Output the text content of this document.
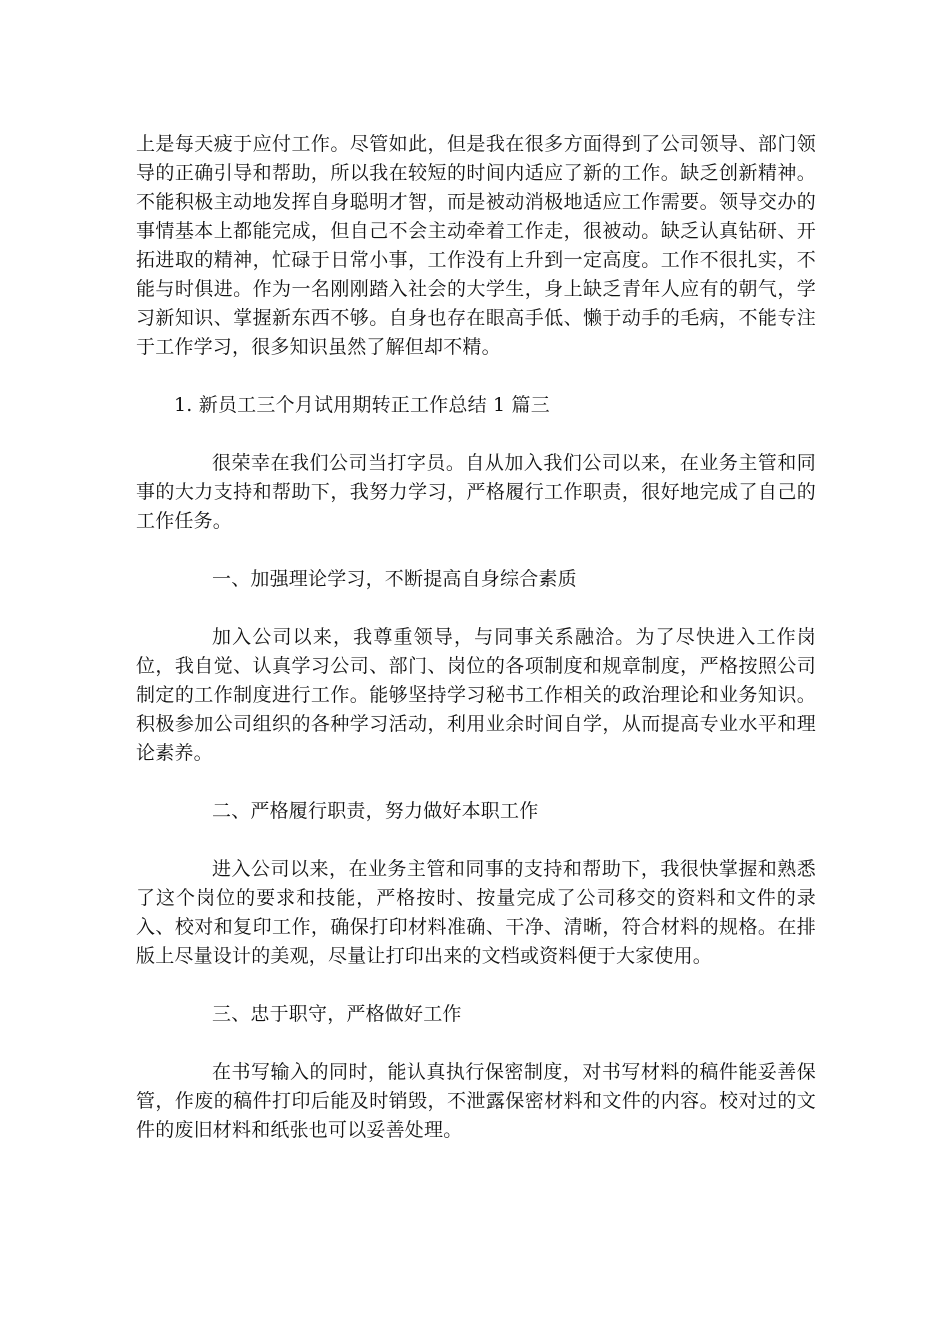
上是每天疲于应付工作。尽管如此，但是我在很多方面得到了公司领导、部门领导的正确引导和帮助，所以我在较短的时间内适应了新的工作。缺乏创新精神。不能积极主动地发挥自身聪明才智，而是被动消极地适应工作需要。领导交办的事情基本上都能完成，但自己不会主动牵着工作走，很被动。缺乏认真钻研、开拓进取的精神，忙碌于日常小事，工作没有上升到一定高度。工作不很扎实，不能与时俱进。作为一名刚刚踏入社会的大学生，身上缺乏青年人应有的朝气，学习新知识、掌握新东西不够。自身也存在眼高手低、懒于动手的毛病，不能专注于工作学习，很多知识虽然了解但却不精。

1. 新员工三个月试用期转正工作总结 1 篇三

很荣幸在我们公司当打字员。自从加入我们公司以来，在业务主管和同事的大力支持和帮助下，我努力学习，严格履行工作职责，很好地完成了自己的工作任务。

一、加强理论学习，不断提高自身综合素质

加入公司以来，我尊重领导，与同事关系融洽。为了尽快进入工作岗位，我自觉、认真学习公司、部门、岗位的各项制度和规章制度，严格按照公司制定的工作制度进行工作。能够坚持学习秘书工作相关的政治理论和业务知识。积极参加公司组织的各种学习活动，利用业余时间自学，从而提高专业水平和理论素养。

二、严格履行职责，努力做好本职工作

进入公司以来，在业务主管和同事的支持和帮助下，我很快掌握和熟悉了这个岗位的要求和技能，严格按时、按量完成了公司移交的资料和文件的录入、校对和复印工作，确保打印材料准确、干净、清晰，符合材料的规格。在排版上尽量设计的美观，尽量让打印出来的文档或资料便于大家使用。

三、忠于职守，严格做好工作

在书写输入的同时，能认真执行保密制度，对书写材料的稿件能妥善保管，作废的稿件打印后能及时销毁，不泄露保密材料和文件的内容。校对过的文件的废旧材料和纸张也可以妥善处理。
